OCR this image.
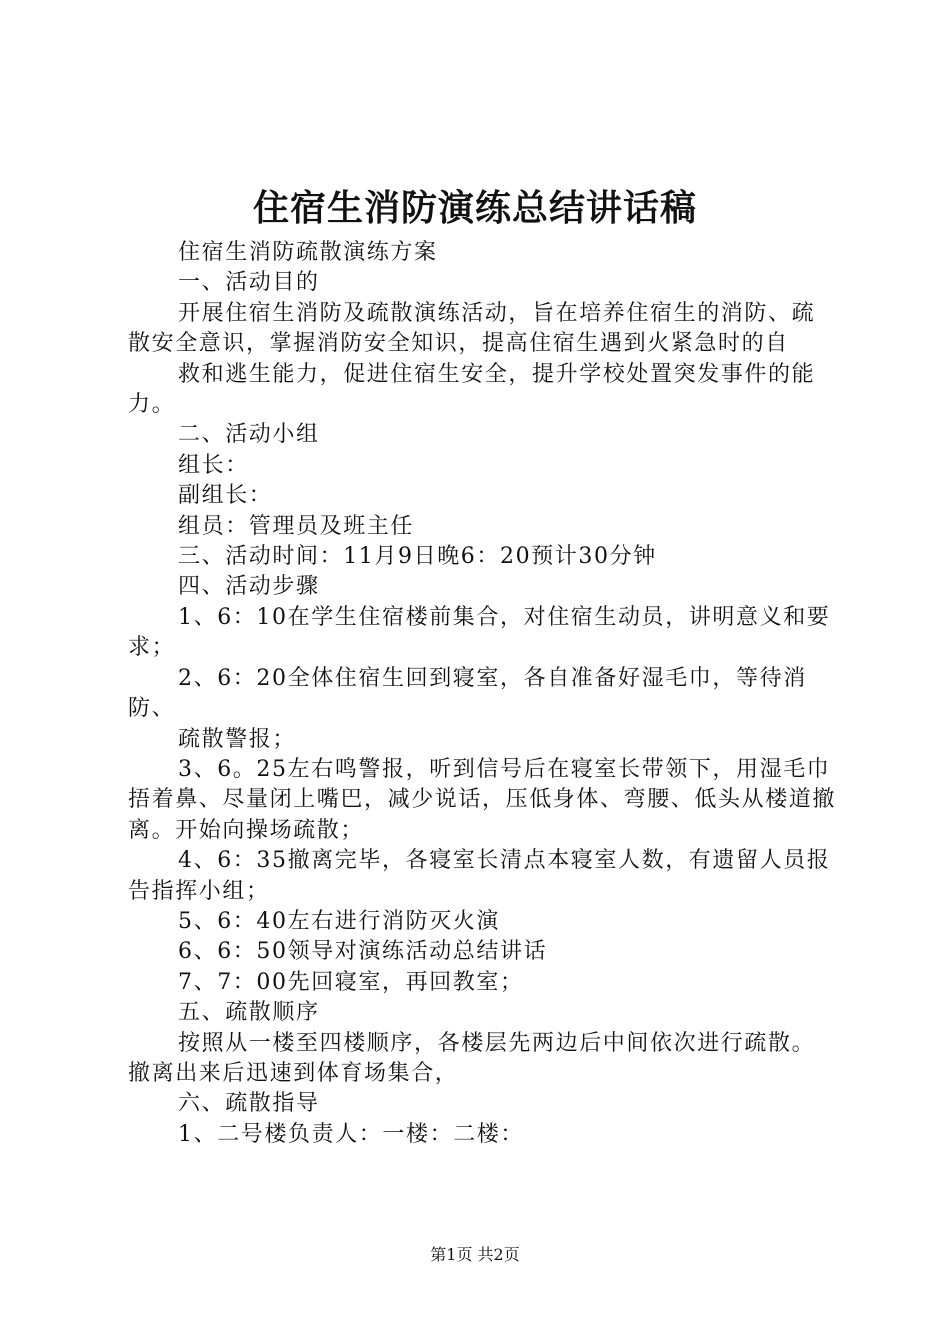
住宿生消防演练总结讲话稿

住宿生消防疏散演练方案

一、活动目的

开展住宿生消防及疏散演练活动，旨在培养住宿生的消防、疏散安全意识，掌握消防安全知识，提高住宿生遇到火紧急时的自

救和逃生能力，促进住宿生安全，提升学校处置突发事件的能力。

二、活动小组

组长：

副组长：

组员：管理员及班主任

三、活动时间：11月9日晚6：20预计30分钟

四、活动步骤

1、6：10在学生住宿楼前集合，对住宿生动员，讲明意义和要求；

2、6：20全体住宿生回到寝室，各自准备好湿毛巾，等待消防、

疏散警报；

3、6。25左右鸣警报，听到信号后在寝室长带领下，用湿毛巾捂着鼻、尽量闭上嘴巴，减少说话，压低身体、弯腰、低头从楼道撤离。开始向操场疏散；

4、6：35撤离完毕，各寝室长清点本寝室人数，有遗留人员报告指挥小组；

5、6：40左右进行消防灭火演

6、6：50领导对演练活动总结讲话

7、7：00先回寝室，再回教室；

五、疏散顺序

按照从一楼至四楼顺序，各楼层先两边后中间依次进行疏散。撤离出来后迅速到体育场集合，

六、疏散指导

1、二号楼负责人：一楼：二楼：

第1页 共2页
